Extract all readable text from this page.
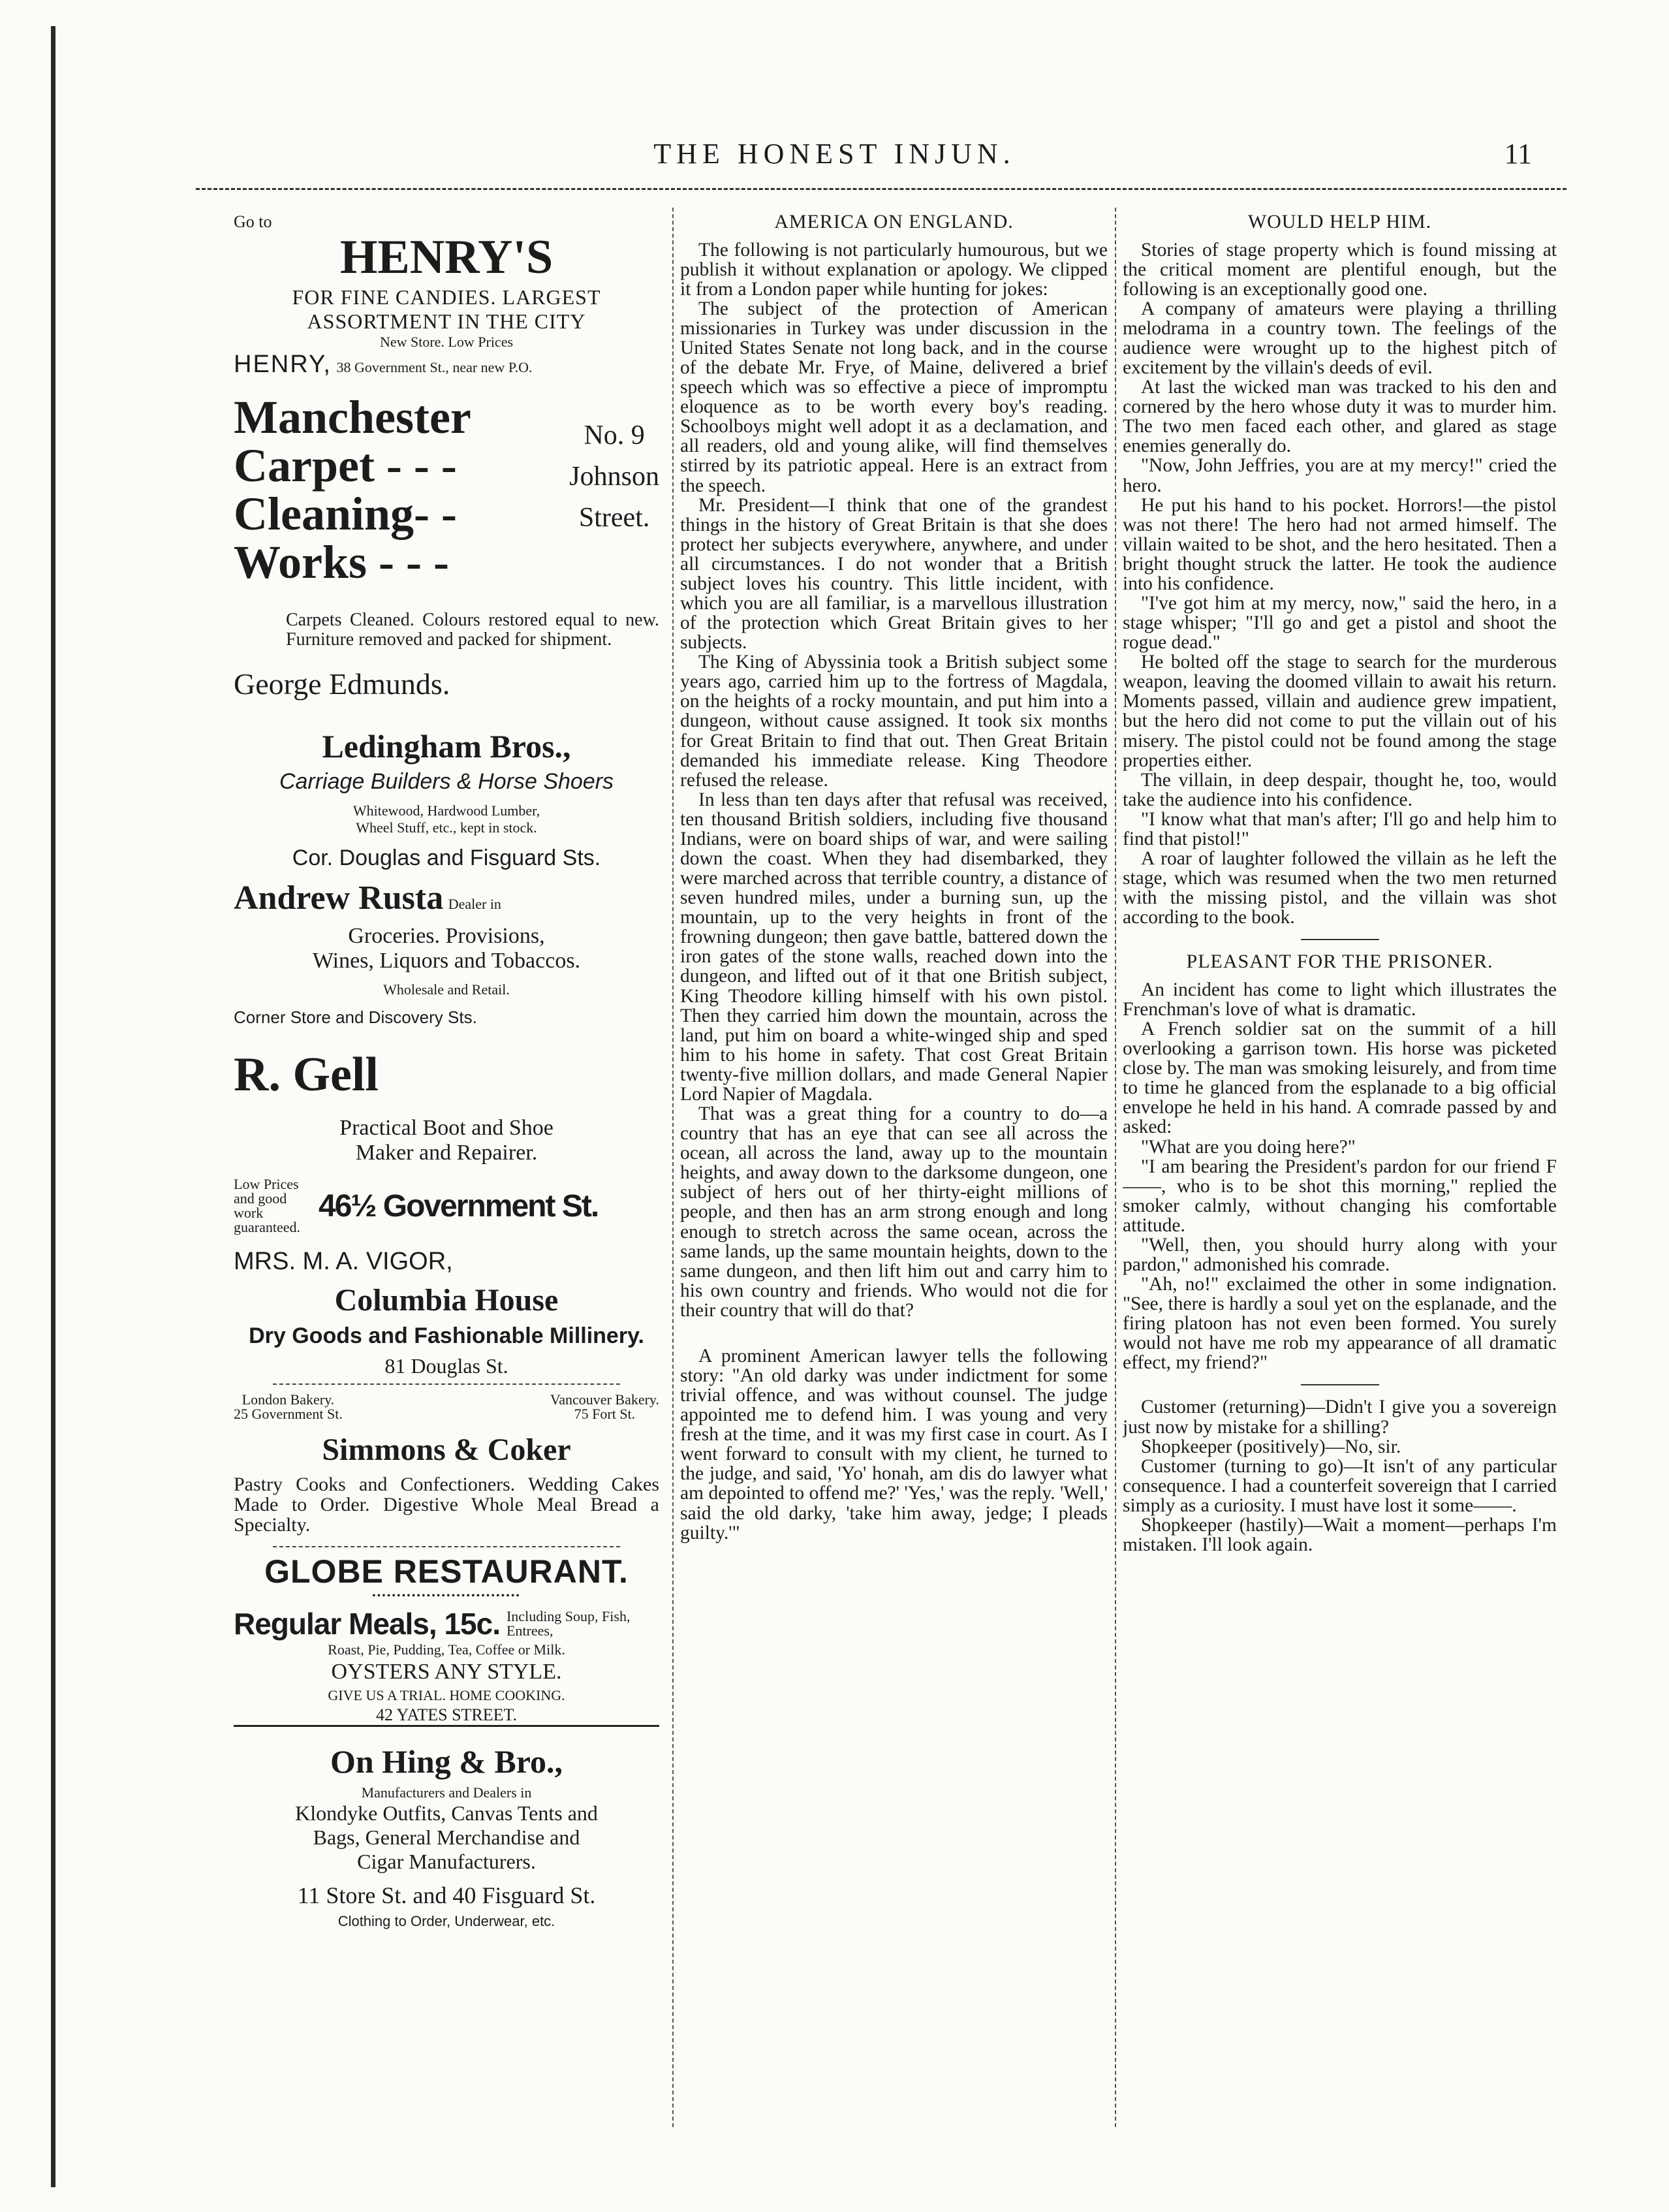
THE HONEST INJUN.	11
Go to
HENRY'S
FOR FINE CANDIES. LARGEST
ASSORTMENT IN THE CITY
New Store. Low Prices
HENRY, 38 Government St., near new P.O.
Manchester
Carpet - - -
Cleaning- -
Works - - -
No. 9
Johnson
Street.
Carpets Cleaned. Colours restored equal to new. Furniture removed and packed for shipment.
George Edmunds.
Ledingham Bros.,
Carriage Builders & Horse Shoers
Whitewood, Hardwood Lumber,
Wheel Stuff, etc., kept in stock.
Cor. Douglas and Fisguard Sts.
Andrew Rusta Dealer in
Groceries. Provisions,
Wines, Liquors and Tobaccos.
Wholesale and Retail.
Corner Store and Discovery Sts.
R. Gell
Practical Boot and Shoe
Maker and Repairer.
Low Prices and good work guaranteed.
46½ Government St.
MRS. M. A. VIGOR,
Columbia House
Dry Goods and Fashionable Millinery.
81 Douglas St.
London Bakery.
25 Government St.
Vancouver Bakery.
75 Fort St.
Simmons & Coker
Pastry Cooks and Confectioners. Wedding Cakes Made to Order. Digestive Whole Meal Bread a Specialty.
GLOBE RESTAURANT.
••••••••••••••••••••••••••••••
Regular Meals, 15c. Including Soup, Fish, Entrees,
Roast, Pie, Pudding, Tea, Coffee or Milk.
OYSTERS ANY STYLE.
GIVE US A TRIAL. HOME COOKING.
42 YATES STREET.
On Hing & Bro.,
Manufacturers and Dealers in
Klondyke Outfits, Canvas Tents and
Bags, General Merchandise and
Cigar Manufacturers.
11 Store St. and 40 Fisguard St.
Clothing to Order, Underwear, etc.
AMERICA ON ENGLAND.

The following is not particularly humourous, but we publish it without explanation or apology. We clipped it from a London paper while hunting for jokes:

The subject of the protection of American missionaries in Turkey was under discussion in the United States Senate not long back, and in the course of the debate Mr. Frye, of Maine, delivered a brief speech which was so effective a piece of impromptu eloquence as to be worth every boy's reading. Schoolboys might well adopt it as a declamation, and all readers, old and young alike, will find themselves stirred by its patriotic appeal. Here is an extract from the speech.

Mr. President—I think that one of the grandest things in the history of Great Britain is that she does protect her subjects everywhere, anywhere, and under all circumstances. I do not wonder that a British subject loves his country. This little incident, with which you are all familiar, is a marvellous illustration of the protection which Great Britain gives to her subjects.

The King of Abyssinia took a British subject some years ago, carried him up to the fortress of Magdala, on the heights of a rocky mountain, and put him into a dungeon, without cause assigned. It took six months for Great Britain to find that out. Then Great Britain demanded his immediate release. King Theodore refused the release.

In less than ten days after that refusal was received, ten thousand British soldiers, including five thousand Indians, were on board ships of war, and were sailing down the coast. When they had disembarked, they were marched across that terrible country, a distance of seven hundred miles, under a burning sun, up the mountain, up to the very heights in front of the frowning dungeon; then gave battle, battered down the iron gates of the stone walls, reached down into the dungeon, and lifted out of it that one British subject, King Theodore killing himself with his own pistol. Then they carried him down the mountain, across the land, put him on board a white-winged ship and sped him to his home in safety. That cost Great Britain twenty-five million dollars, and made General Napier Lord Napier of Magdala.

That was a great thing for a country to do—a country that has an eye that can see all across the ocean, all across the land, away up to the mountain heights, and away down to the darksome dungeon, one subject of hers out of her thirty-eight millions of people, and then has an arm strong enough and long enough to stretch across the same ocean, across the same lands, up the same mountain heights, down to the same dungeon, and then lift him out and carry him to his own country and friends. Who would not die for their country that will do that?

A prominent American lawyer tells the following story: "An old darky was under indictment for some trivial offence, and was without counsel. The judge appointed me to defend him. I was young and very fresh at the time, and it was my first case in court. As I went forward to consult with my client, he turned to the judge, and said, 'Yo' honah, am dis do lawyer what am depointed to offend me?' 'Yes,' was the reply. 'Well,' said the old darky, 'take him away, jedge; I pleads guilty.'"

WOULD HELP HIM.

Stories of stage property which is found missing at the critical moment are plentiful enough, but the following is an exceptionally good one.

A company of amateurs were playing a thrilling melodrama in a country town. The feelings of the audience were wrought up to the highest pitch of excitement by the villain's deeds of evil.

At last the wicked man was tracked to his den and cornered by the hero whose duty it was to murder him. The two men faced each other, and glared as stage enemies generally do.

"Now, John Jeffries, you are at my mercy!" cried the hero.

He put his hand to his pocket. Horrors!—the pistol was not there! The hero had not armed himself. The villain waited to be shot, and the hero hesitated. Then a bright thought struck the latter. He took the audience into his confidence.

"I've got him at my mercy, now," said the hero, in a stage whisper; "I'll go and get a pistol and shoot the rogue dead."

He bolted off the stage to search for the murderous weapon, leaving the doomed villain to await his return. Moments passed, villain and audience grew impatient, but the hero did not come to put the villain out of his misery. The pistol could not be found among the stage properties either.

The villain, in deep despair, thought he, too, would take the audience into his confidence.

"I know what that man's after; I'll go and help him to find that pistol!"

A roar of laughter followed the villain as he left the stage, which was resumed when the two men returned with the missing pistol, and the villain was shot according to the book.

PLEASANT FOR THE PRISONER.

An incident has come to light which illustrates the Frenchman's love of what is dramatic.

A French soldier sat on the summit of a hill overlooking a garrison town. His horse was picketed close by. The man was smoking leisurely, and from time to time he glanced from the esplanade to a big official envelope he held in his hand. A comrade passed by and asked:

"What are you doing here?"

"I am bearing the President's pardon for our friend F——, who is to be shot this morning," replied the smoker calmly, without changing his comfortable attitude.

"Well, then, you should hurry along with your pardon," admonished his comrade.

"Ah, no!" exclaimed the other in some indignation. "See, there is hardly a soul yet on the esplanade, and the firing platoon has not even been formed. You surely would not have me rob my appearance of all dramatic effect, my friend?"

Customer (returning)—Didn't I give you a sovereign just now by mistake for a shilling?

Shopkeeper (positively)—No, sir.

Customer (turning to go)—It isn't of any particular consequence. I had a counterfeit sovereign that I carried simply as a curiosity. I must have lost it some——.

Shopkeeper (hastily)—Wait a moment—perhaps I'm mistaken. I'll look again.
